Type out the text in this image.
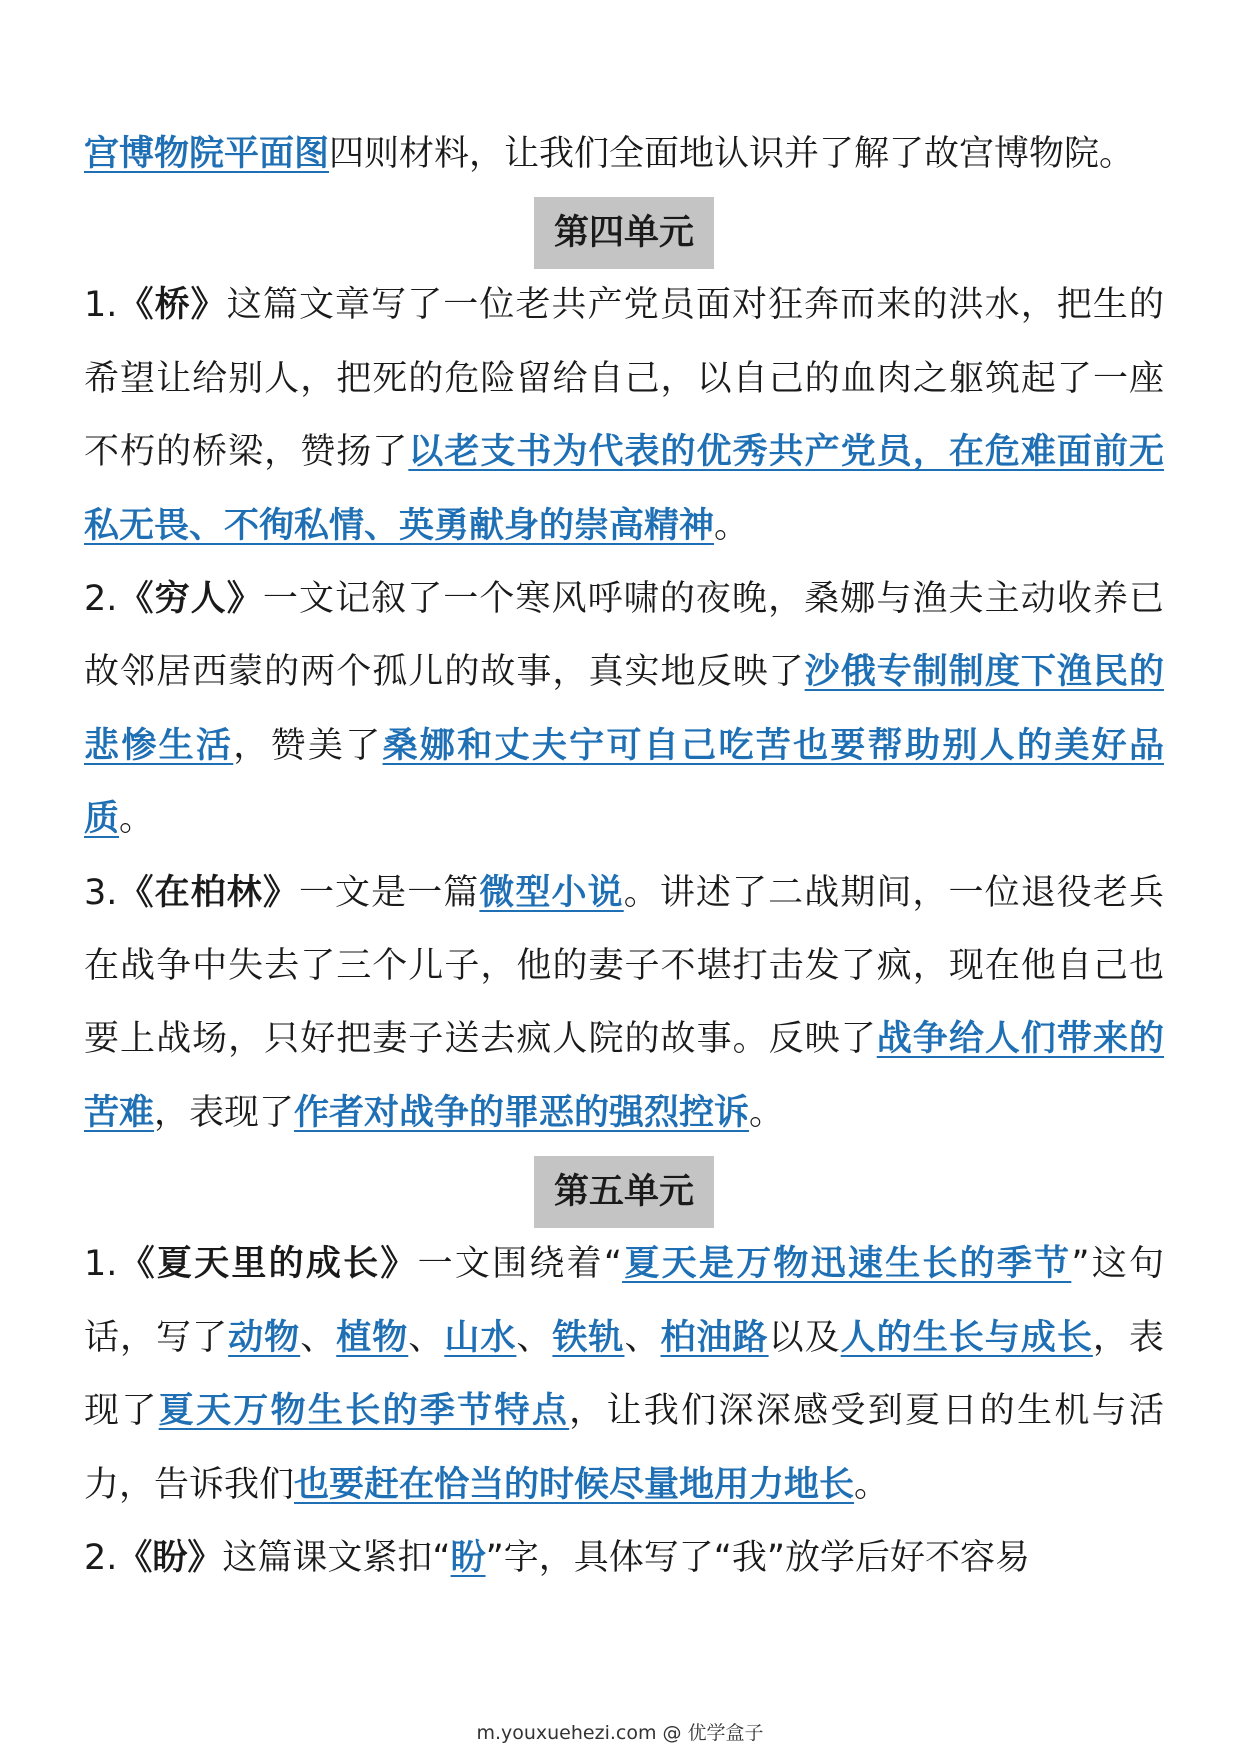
宫博物院平面图四则材料，让我们全面地认识并了解了故宫博物院。

第四单元

1.《桥》这篇文章写了一位老共产党员面对狂奔而来的洪水，把生的希望让给别人，把死的危险留给自己，以自己的血肉之躯筑起了一座不朽的桥梁，赞扬了以老支书为代表的优秀共产党员，在危难面前无私无畏、不徇私情、英勇献身的崇高精神。

2.《穷人》一文记叙了一个寒风呼啸的夜晚，桑娜与渔夫主动收养已故邻居西蒙的两个孤儿的故事，真实地反映了沙俄专制制度下渔民的悲惨生活，赞美了桑娜和丈夫宁可自己吃苦也要帮助别人的美好品质。

3.《在柏林》一文是一篇微型小说。讲述了二战期间，一位退役老兵在战争中失去了三个儿子，他的妻子不堪打击发了疯，现在他自己也要上战场，只好把妻子送去疯人院的故事。反映了战争给人们带来的苦难，表现了作者对战争的罪恶的强烈控诉。

第五单元

1.《夏天里的成长》一文围绕着“夏天是万物迅速生长的季节”这句话，写了动物、植物、山水、铁轨、柏油路以及人的生长与成长，表现了夏天万物生长的季节特点，让我们深深感受到夏日的生机与活力，告诉我们也要赶在恰当的时候尽量地用力地长。

2.《盼》这篇课文紧扣“盼”字，具体写了“我”放学后好不容易

m.youxuehezi.com @ 优学盒子
